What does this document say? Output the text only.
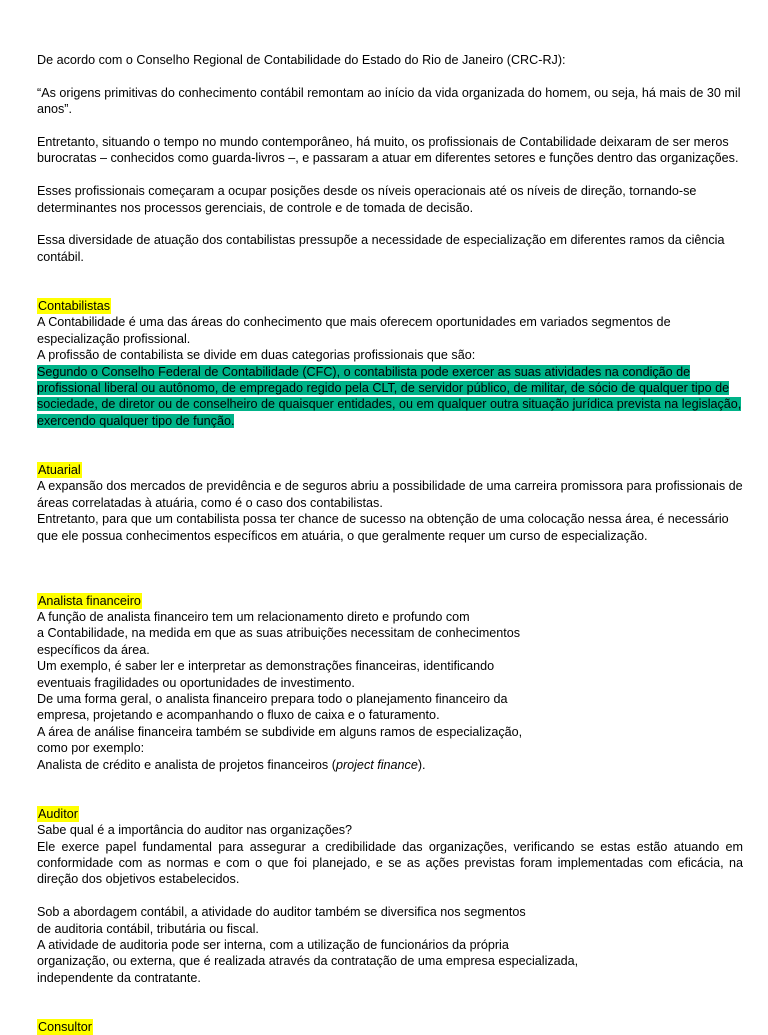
De acordo com o Conselho Regional de Contabilidade do Estado do Rio de Janeiro (CRC-RJ):

“As origens primitivas do conhecimento contábil remontam ao início da vida organizada do homem, ou seja, há mais de 30 mil anos”.

Entretanto, situando o tempo no mundo contemporâneo, há muito, os profissionais de Contabilidade deixaram de ser meros burocratas – conhecidos como guarda-livros –, e passaram a atuar em diferentes setores e funções dentro das organizações.

Esses profissionais começaram a ocupar posições desde os níveis operacionais até os níveis de direção, tornando-se determinantes nos processos gerenciais, de controle e de tomada de decisão.

Essa diversidade de atuação dos contabilistas pressupõe a necessidade de especialização em diferentes ramos da ciência contábil.

Contabilistas

A Contabilidade é uma das áreas do conhecimento que mais oferecem oportunidades em variados segmentos de especialização profissional.

A profissão de contabilista se divide em duas categorias profissionais que são:

Segundo o Conselho Federal de Contabilidade (CFC), o contabilista pode exercer as suas atividades na condição de profissional liberal ou autônomo, de empregado regido pela CLT, de servidor público, de militar, de sócio de qualquer tipo de sociedade, de diretor ou de conselheiro de quaisquer entidades, ou em qualquer outra situação jurídica prevista na legislação, exercendo qualquer tipo de função.

Atuarial

A expansão dos mercados de previdência e de seguros abriu a possibilidade de uma carreira promissora para profissionais de áreas correlatadas à atuária, como é o caso dos contabilistas.

Entretanto, para que um contabilista possa ter chance de sucesso na obtenção de uma colocação nessa área, é necessário que ele possua conhecimentos específicos em atuária, o que geralmente requer um curso de especialização.

Analista financeiro

A função de analista financeiro tem um relacionamento direto e profundo com
a Contabilidade, na medida em que as suas atribuições necessitam de conhecimentos
específicos da área.
Um exemplo, é saber ler e interpretar as demonstrações financeiras, identificando
eventuais fragilidades ou oportunidades de investimento.
De uma forma geral, o analista financeiro prepara todo o planejamento financeiro da
empresa, projetando e acompanhando o fluxo de caixa e o faturamento.
A área de análise financeira também se subdivide em alguns ramos de especialização,
como por exemplo:

Analista de crédito e analista de projetos financeiros (project finance).

Auditor

Sabe qual é a importância do auditor nas organizações?

Ele exerce papel fundamental para assegurar a credibilidade das organizações, verificando se estas estão atuando em conformidade com as normas e com o que foi planejado, e se as ações previstas foram implementadas com eficácia, na direção dos objetivos estabelecidos.

Sob a abordagem contábil, a atividade do auditor também se diversifica nos segmentos
de auditoria contábil, tributária ou fiscal.
A atividade de auditoria pode ser interna, com a utilização de funcionários da própria
organização, ou externa, que é realizada através da contratação de uma empresa especializada,
independente da contratante.

Consultor
